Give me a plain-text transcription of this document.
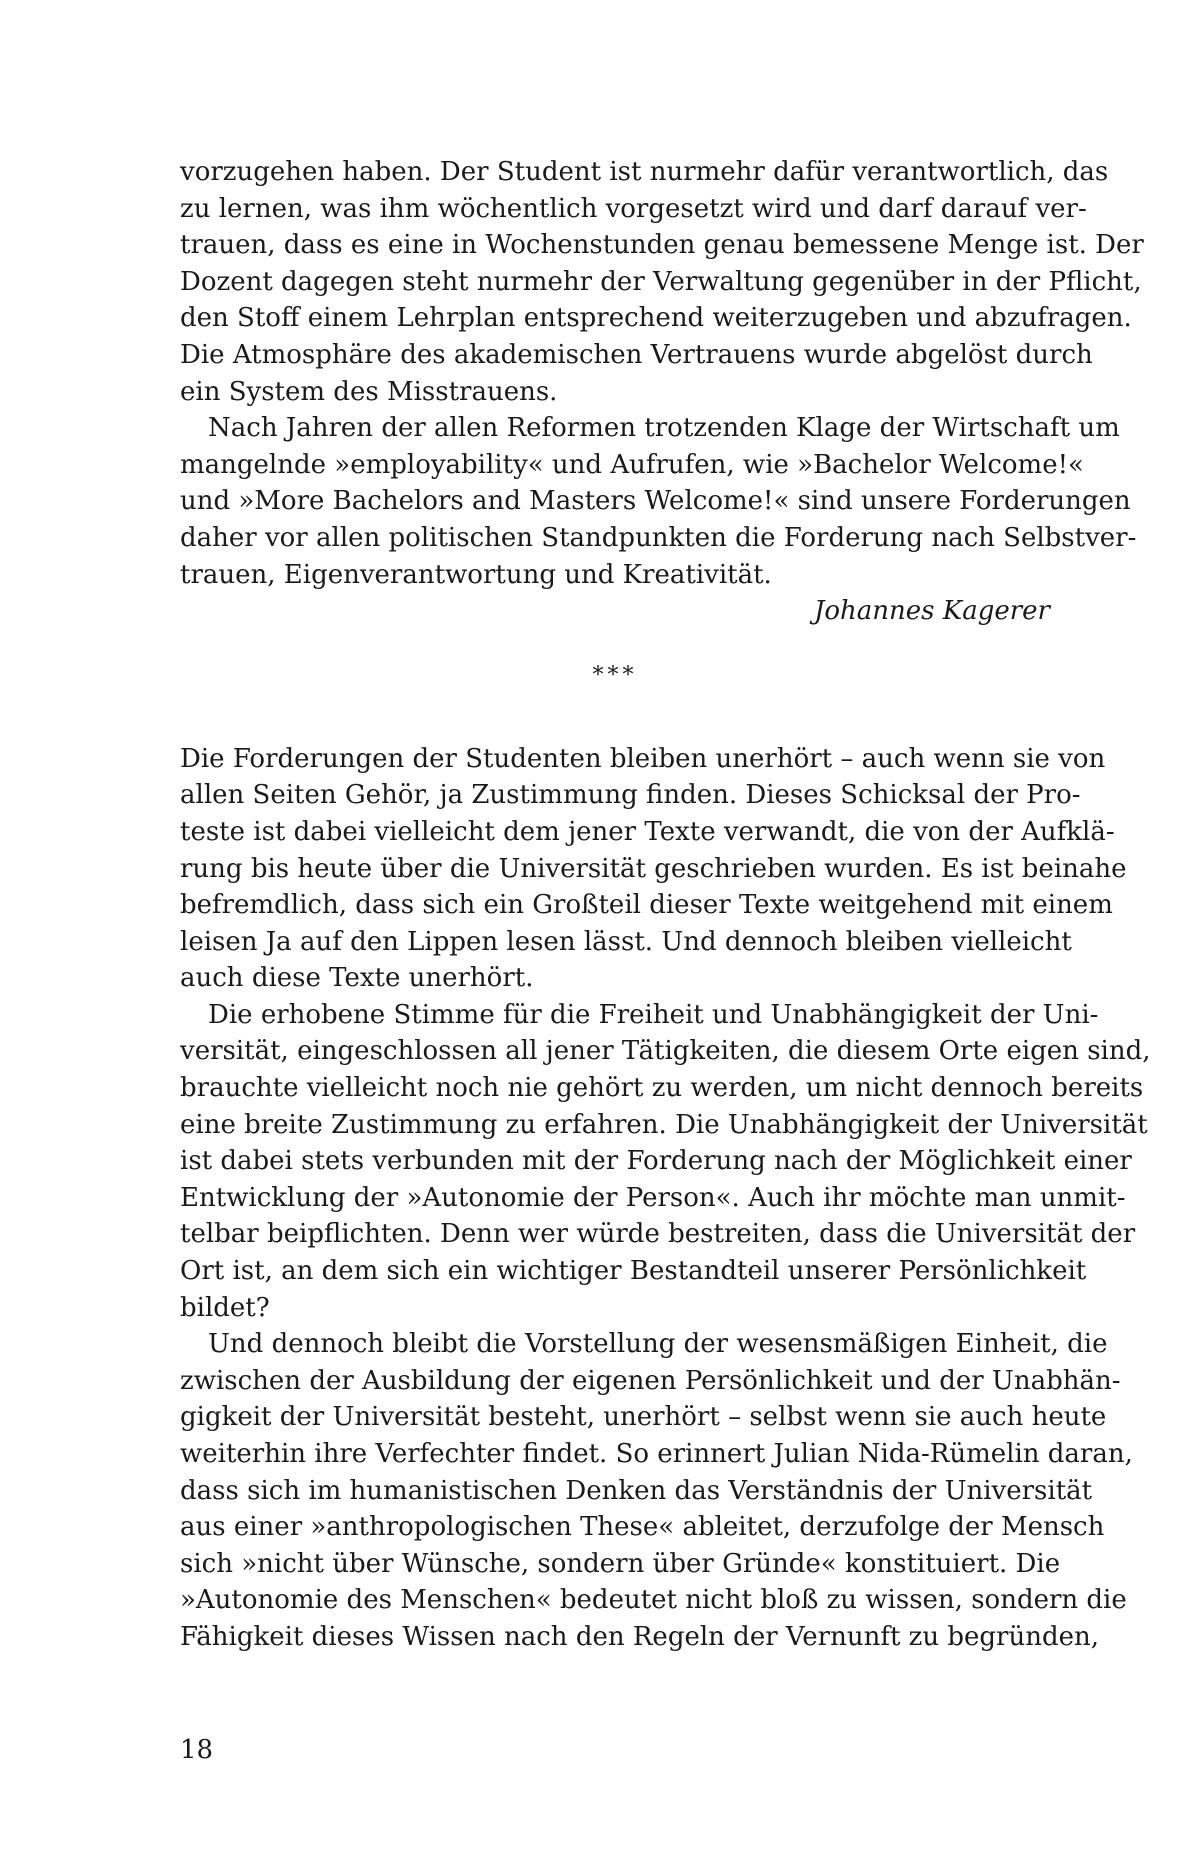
vorzugehen haben. Der Student ist nurmehr dafür verantwortlich, das
zu lernen, was ihm wöchentlich vorgesetzt wird und darf darauf ver-
trauen, dass es eine in Wochenstunden genau bemessene Menge ist. Der
Dozent dagegen steht nurmehr der Verwaltung gegenüber in der Pflicht,
den Stoff einem Lehrplan entsprechend weiterzugeben und abzufragen.
Die Atmosphäre des akademischen Vertrauens wurde abgelöst durch
ein System des Misstrauens.
Nach Jahren der allen Reformen trotzenden Klage der Wirtschaft um
mangelnde »employability« und Aufrufen, wie »Bachelor Welcome!«
und »More Bachelors and Masters Welcome!« sind unsere Forderungen
daher vor allen politischen Standpunkten die Forderung nach Selbstver-
trauen, Eigenverantwortung und Kreativität.
Johannes Kagerer
***
Die Forderungen der Studenten bleiben unerhört – auch wenn sie von
allen Seiten Gehör, ja Zustimmung finden. Dieses Schicksal der Pro-
teste ist dabei vielleicht dem jener Texte verwandt, die von der Aufklä-
rung bis heute über die Universität geschrieben wurden. Es ist beinahe
befremdlich, dass sich ein Großteil dieser Texte weitgehend mit einem
leisen Ja auf den Lippen lesen lässt. Und dennoch bleiben vielleicht
auch diese Texte unerhört.
Die erhobene Stimme für die Freiheit und Unabhängigkeit der Uni-
versität, eingeschlossen all jener Tätigkeiten, die diesem Orte eigen sind,
brauchte vielleicht noch nie gehört zu werden, um nicht dennoch bereits
eine breite Zustimmung zu erfahren. Die Unabhängigkeit der Universität
ist dabei stets verbunden mit der Forderung nach der Möglichkeit einer
Entwicklung der »Autonomie der Person«. Auch ihr möchte man unmit-
telbar beipflichten. Denn wer würde bestreiten, dass die Universität der
Ort ist, an dem sich ein wichtiger Bestandteil unserer Persönlichkeit
bildet?
Und dennoch bleibt die Vorstellung der wesensmäßigen Einheit, die
zwischen der Ausbildung der eigenen Persönlichkeit und der Unabhän-
gigkeit der Universität besteht, unerhört – selbst wenn sie auch heute
weiterhin ihre Verfechter findet. So erinnert Julian Nida-Rümelin daran,
dass sich im humanistischen Denken das Verständnis der Universität
aus einer »anthropologischen These« ableitet, derzufolge der Mensch
sich »nicht über Wünsche, sondern über Gründe« konstituiert. Die
»Autonomie des Menschen« bedeutet nicht bloß zu wissen, sondern die
Fähigkeit dieses Wissen nach den Regeln der Vernunft zu begründen,
18
